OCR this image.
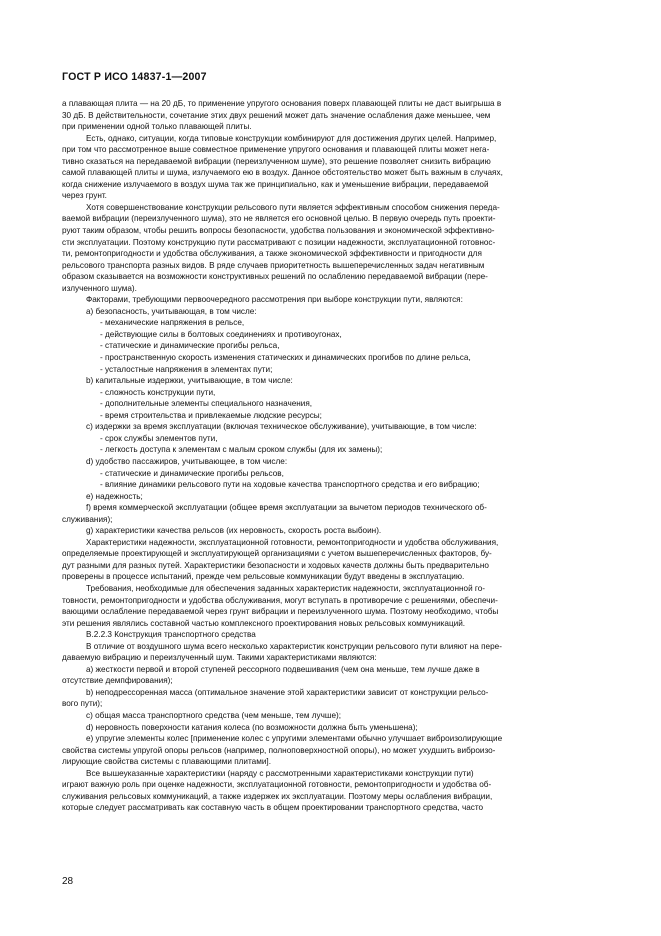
ГОСТ Р ИСО 14837-1—2007

а плавающая плита — на 20 дБ, то применение упругого основания поверх плавающей плиты не даст выигрыша в

30 дБ. В действительности, сочетание этих двух решений может дать значение ослабления даже меньшее, чем

при применении одной только плавающей плиты.

Есть, однако, ситуации, когда типовые конструкции комбинируют для достижения других целей. Например,

при том что рассмотренное выше совместное применение упругого основания и плавающей плиты может нега-

тивно сказаться на передаваемой вибрации (переизлученном шуме), это решение позволяет снизить вибрацию

самой плавающей плиты и шума, излучаемого ею в воздух. Данное обстоятельство может быть важным в случаях,

когда снижение излучаемого в воздух шума так же принципиально, как и уменьшение вибрации, передаваемой

через грунт.

Хотя совершенствование конструкции рельсового пути является эффективным способом снижения переда-

ваемой вибрации (переизлученного шума), это не является его основной целью. В первую очередь путь проекти-

руют таким образом, чтобы решить вопросы безопасности, удобства пользования и экономической эффективно-

сти эксплуатации. Поэтому конструкцию пути рассматривают с позиции надежности, эксплуатационной готовнос-

ти, ремонтопригодности и удобства обслуживания, а также экономической эффективности и пригодности для

рельсового транспорта разных видов. В ряде случаев приоритетность вышеперечисленных задач негативным

образом сказывается на возможности конструктивных решений по ослаблению передаваемой вибрации (пере-

излученного шума).

Факторами, требующими первоочередного рассмотрения при выборе конструкции пути, являются:

а) безопасность, учитывающая, в том числе:

- механические напряжения в рельсе,

- действующие силы в болтовых соединениях и противоугонах,

- статические и динамические прогибы рельса,

- пространственную скорость изменения статических и динамических прогибов по длине рельса,

- усталостные напряжения в элементах пути;

b) капитальные издержки, учитывающие, в том числе:

- сложность конструкции пути,

- дополнительные элементы специального назначения,

- время строительства и привлекаемые людские ресурсы;

c) издержки за время эксплуатации (включая техническое обслуживание), учитывающие, в том числе:

- срок службы элементов пути,

- легкость доступа к элементам с малым сроком службы (для их замены);

d) удобство пассажиров, учитывающее, в том числе:

- статические и динамические прогибы рельсов,

- влияние динамики рельсового пути на ходовые качества транспортного средства и его вибрацию;

e) надежность;

f) время коммерческой эксплуатации (общее время эксплуатации за вычетом периодов технического об-

служивания);

g) характеристики качества рельсов (их неровность, скорость роста выбоин).

Характеристики надежности, эксплуатационной готовности, ремонтопригодности и удобства обслуживания,

определяемые проектирующей и эксплуатирующей организациями с учетом вышеперечисленных факторов, бу-

дут разными для разных путей. Характеристики безопасности и ходовых качеств должны быть предварительно

проверены в процессе испытаний, прежде чем рельсовые коммуникации будут введены в эксплуатацию.

Требования, необходимые для обеспечения заданных характеристик надежности, эксплуатационной го-

товности, ремонтопригодности и удобства обслуживания, могут вступать в противоречие с решениями, обеспечи-

вающими ослабление передаваемой через грунт вибрации и переизлученного шума. Поэтому необходимо, чтобы

эти решения являлись составной частью комплексного проектирования новых рельсовых коммуникаций.

В.2.2.3 Конструкция транспортного средства

В отличие от воздушного шума всего несколько характеристик конструкции рельсового пути влияют на пере-

даваемую вибрацию и переизлученный шум. Такими характеристиками являются:

a) жесткости первой и второй ступеней рессорного подвешивания (чем она меньше, тем лучше даже в

отсутствие демпфирования);

b) неподрессоренная масса (оптимальное значение этой характеристики зависит от конструкции рельсо-

вого пути);

c) общая масса транспортного средства (чем меньше, тем лучше);

d) неровность поверхности катания колеса (по возможности должна быть уменьшена);

e) упругие элементы колес [применение колес с упругими элементами обычно улучшает виброизолирующие

свойства системы упругой опоры рельсов (например, полноповерхностной опоры), но может ухудшить виброизо-

лирующие свойства системы с плавающими плитами].

Все вышеуказанные характеристики (наряду с рассмотренными характеристиками конструкции пути)

играют важную роль при оценке надежности, эксплуатационной готовности, ремонтопригодности и удобства об-

служивания рельсовых коммуникаций, а также издержек их эксплуатации. Поэтому меры ослабления вибрации,

которые следует рассматривать как составную часть в общем проектировании транспортного средства, часто

28
